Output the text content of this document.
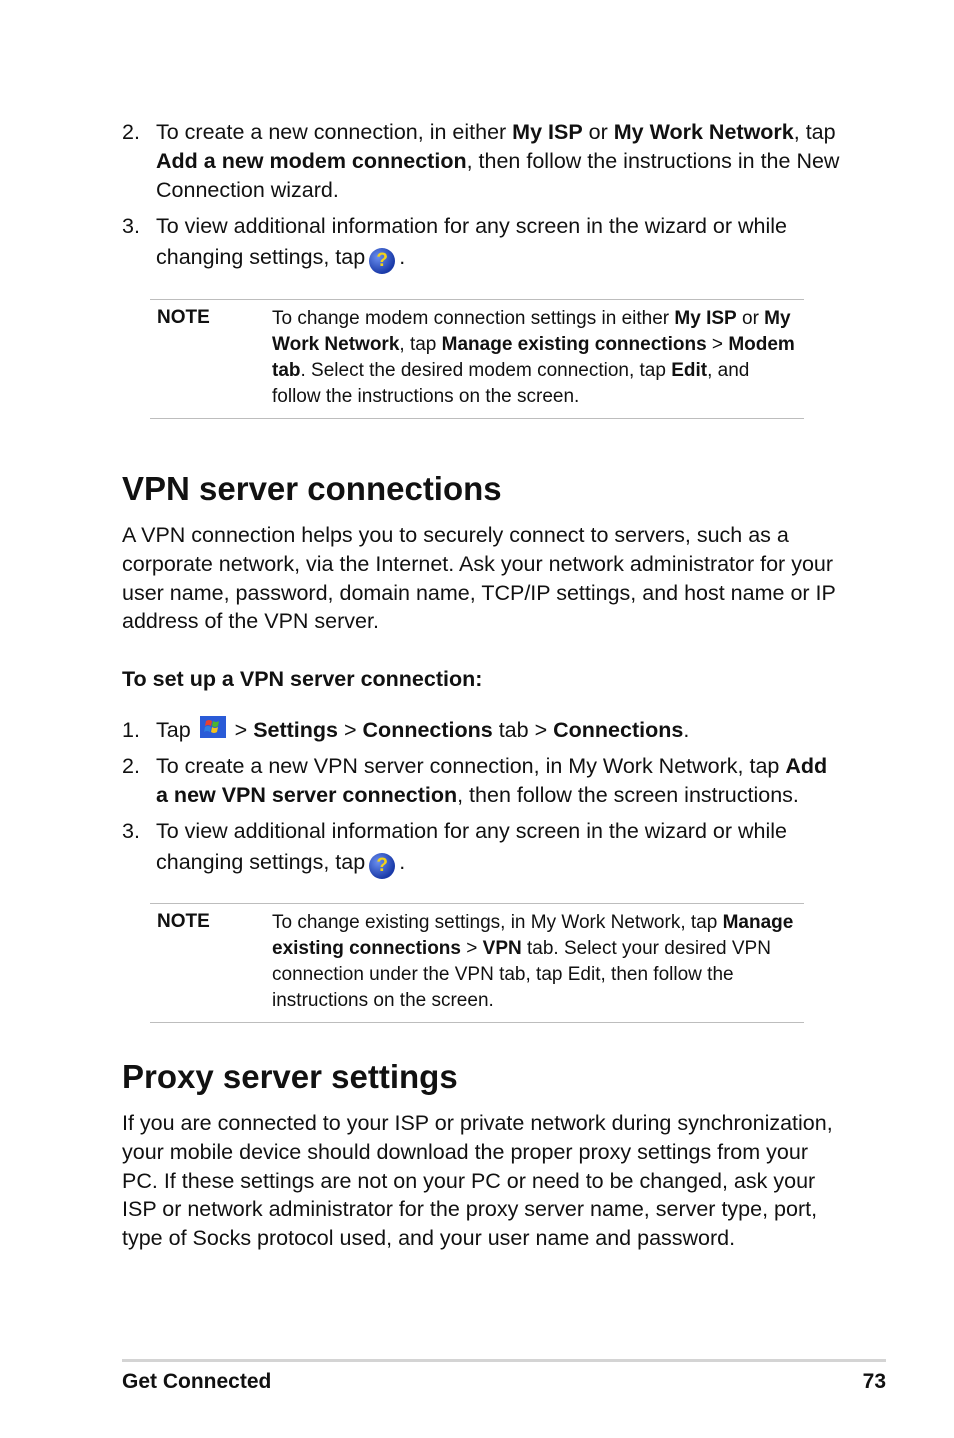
2. To create a new connection, in either My ISP or My Work Network, tap Add a new modem connection, then follow the instructions in the New Connection wizard.
3. To view additional information for any screen in the wizard or while changing settings, tap ? .
NOTE	To change modem connection settings in either My ISP or My Work Network, tap Manage existing connections > Modem tab. Select the desired modem connection, tap Edit, and follow the instructions on the screen.
VPN server connections

A VPN connection helps you to securely connect to servers, such as a corporate network, via the Internet. Ask your network administrator for your user name, password, domain name, TCP/IP settings, and host name or IP address of the VPN server.

To set up a VPN server connection:
1. Tap > Settings > Connections tab > Connections.
2. To create a new VPN server connection, in My Work Network, tap Add a new VPN server connection, then follow the screen instructions.
3. To view additional information for any screen in the wizard or while changing settings, tap ? .
NOTE	To change existing settings, in My Work Network, tap Manage existing connections > VPN tab. Select your desired VPN connection under the VPN tab, tap Edit, then follow the instructions on the screen.
Proxy server settings

If you are connected to your ISP or private network during synchronization, your mobile device should download the proper proxy settings from your PC. If these settings are not on your PC or need to be changed, ask your ISP or network administrator for the proxy server name, server type, port, type of Socks protocol used, and your user name and password.

Get Connected	73
